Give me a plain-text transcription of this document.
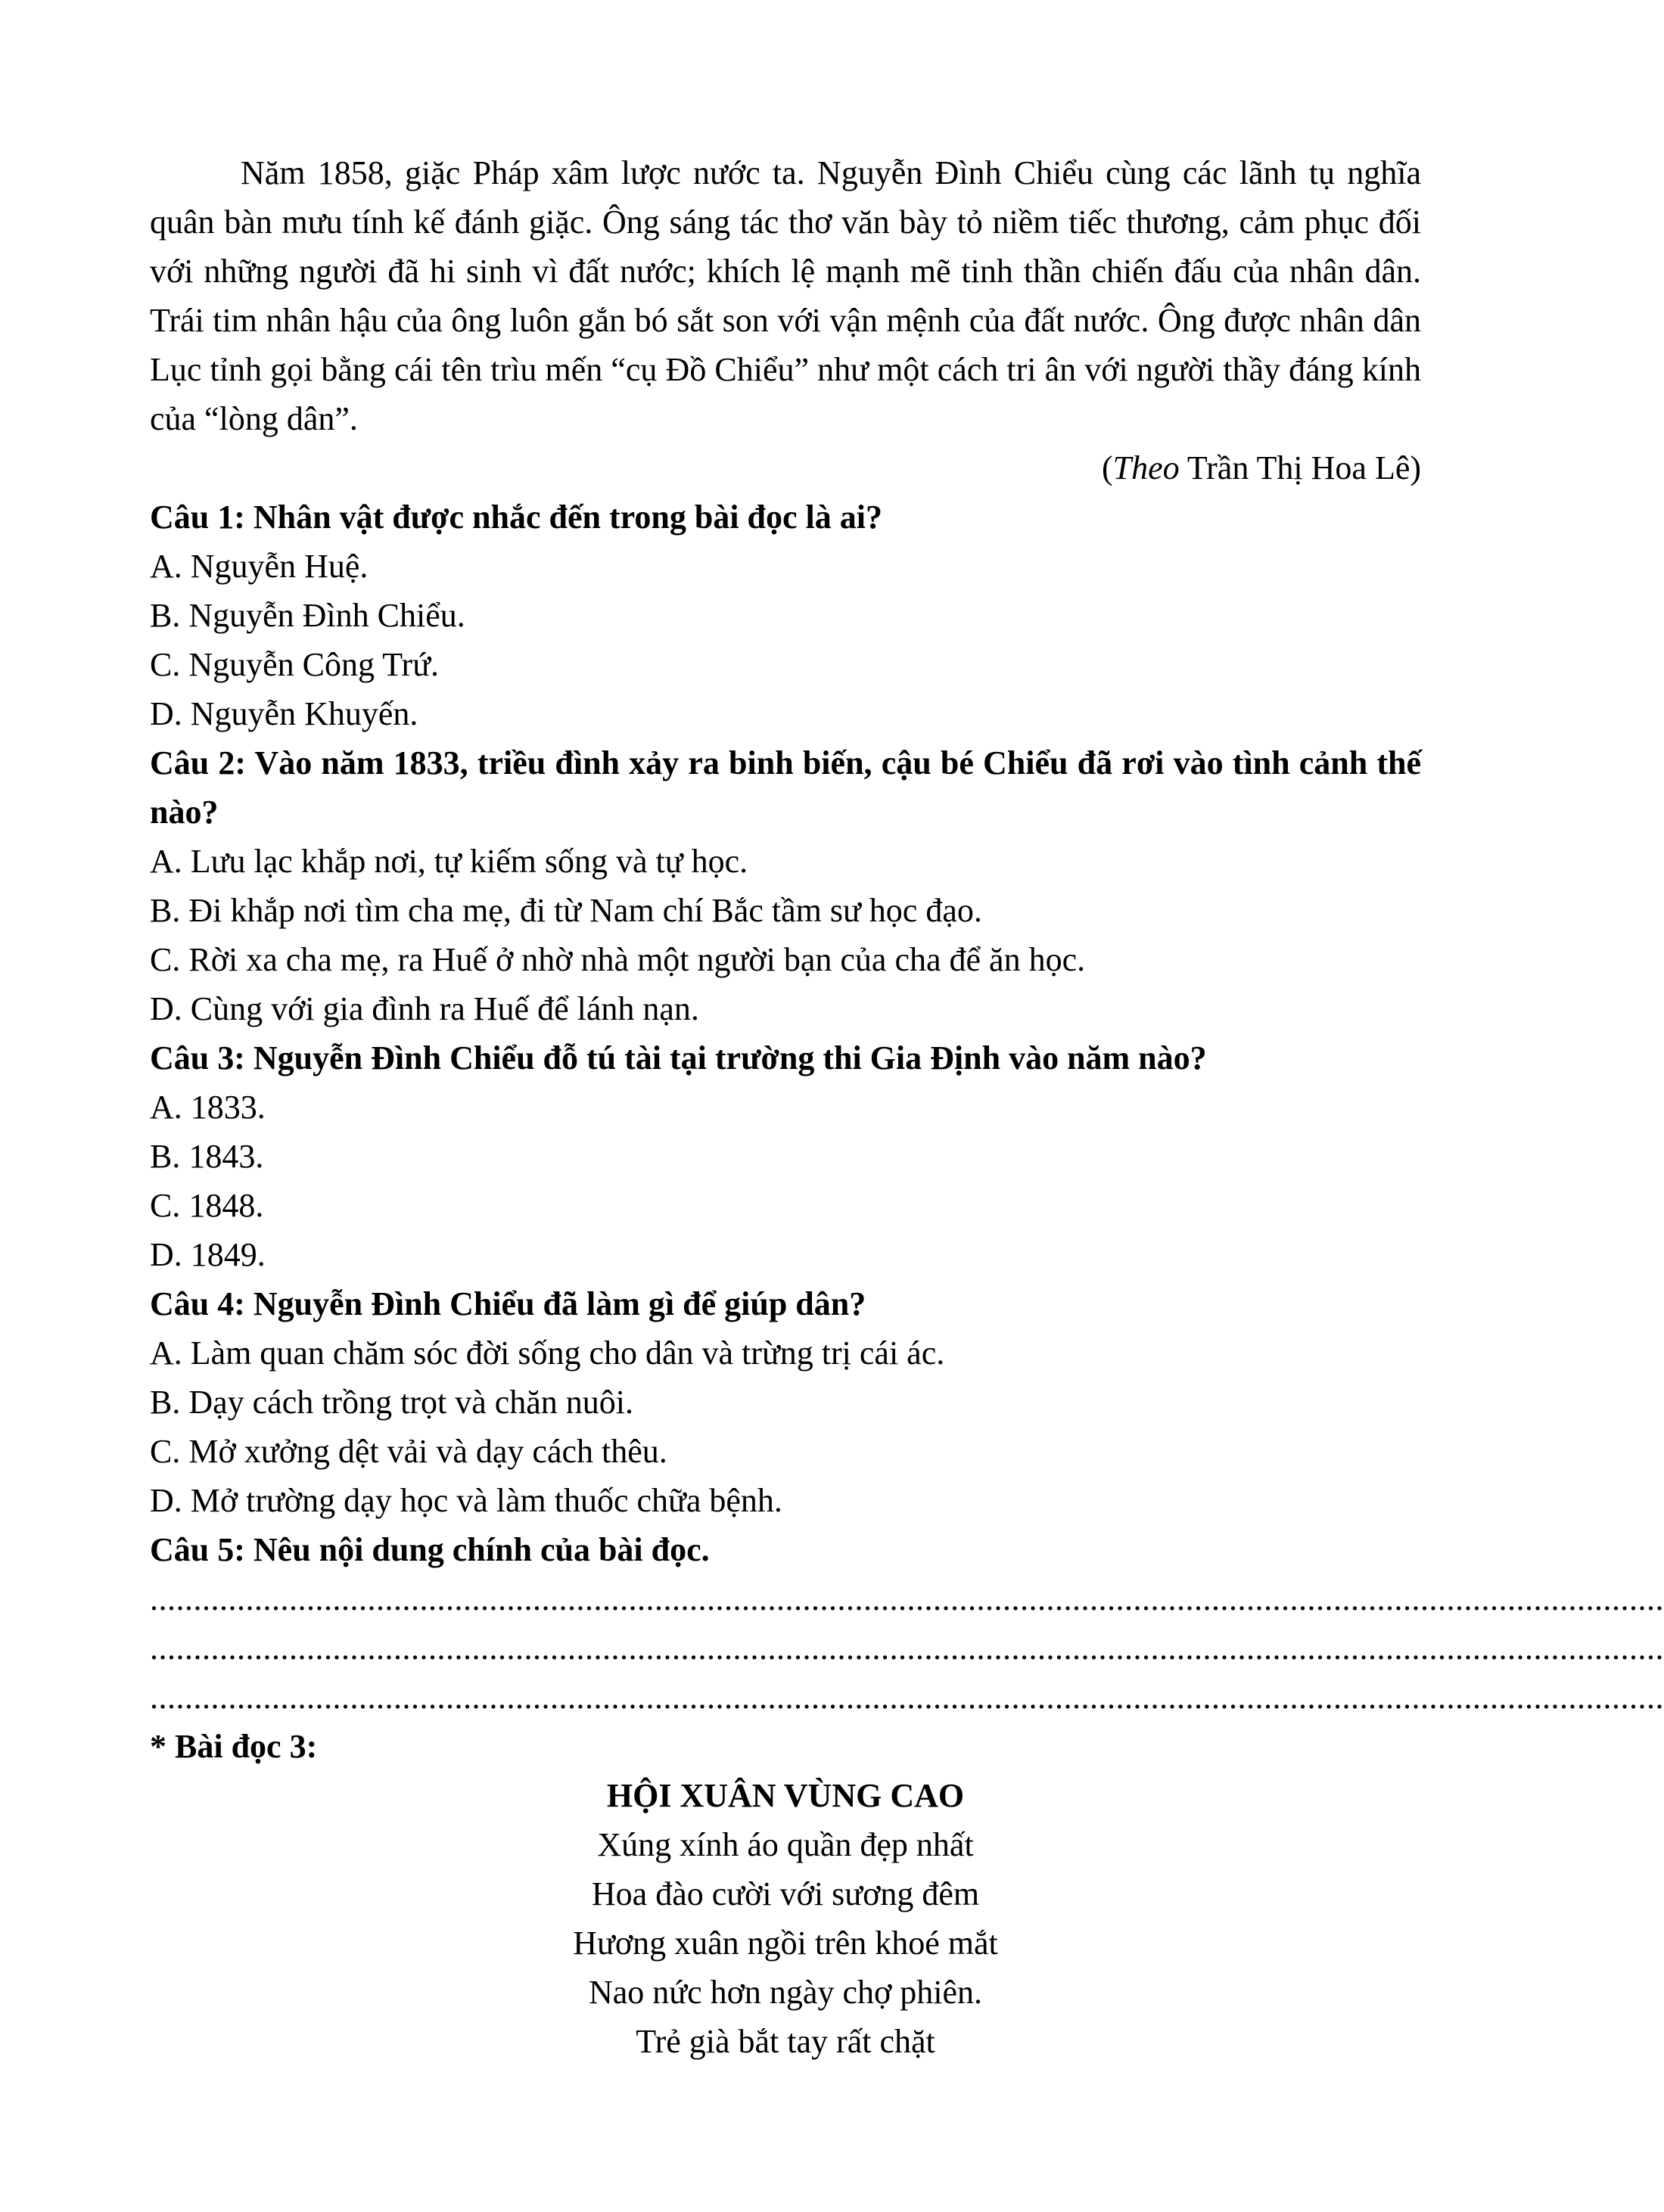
Năm 1858, giặc Pháp xâm lược nước ta. Nguyễn Đình Chiểu cùng các lãnh tụ nghĩa quân bàn mưu tính kế đánh giặc. Ông sáng tác thơ văn bày tỏ niềm tiếc thương, cảm phục đối với những người đã hi sinh vì đất nước; khích lệ mạnh mẽ tinh thần chiến đấu của nhân dân. Trái tim nhân hậu của ông luôn gắn bó sắt son với vận mệnh của đất nước. Ông được nhân dân Lục tỉnh gọi bằng cái tên trìu mến “cụ Đồ Chiểu” như một cách tri ân với người thầy đáng kính của “lòng dân”.

(Theo Trần Thị Hoa Lê)

Câu 1: Nhân vật được nhắc đến trong bài đọc là ai?

A. Nguyễn Huệ.

B. Nguyễn Đình Chiểu.

C. Nguyễn Công Trứ.

D. Nguyễn Khuyến.

Câu 2: Vào năm 1833, triều đình xảy ra binh biến, cậu bé Chiểu đã rơi vào tình cảnh thế nào?

A. Lưu lạc khắp nơi, tự kiếm sống và tự học.

B. Đi khắp nơi tìm cha mẹ, đi từ Nam chí Bắc tầm sư học đạo.

C. Rời xa cha mẹ, ra Huế ở nhờ nhà một người bạn của cha để ăn học.

D. Cùng với gia đình ra Huế để lánh nạn.

Câu 3: Nguyễn Đình Chiểu đỗ tú tài tại trường thi Gia Định vào năm nào?

A. 1833.

B. 1843.

C. 1848.

D. 1849.

Câu 4: Nguyễn Đình Chiểu đã làm gì để giúp dân?

A. Làm quan chăm sóc đời sống cho dân và trừng trị cái ác.

B. Dạy cách trồng trọt và chăn nuôi.

C. Mở xưởng dệt vải và dạy cách thêu.

D. Mở trường dạy học và làm thuốc chữa bệnh.

Câu 5: Nêu nội dung chính của bài đọc.

..............................................................................................................................................................................

..............................................................................................................................................................................

..............................................................................................................................................................................

* Bài đọc 3:

HỘI XUÂN VÙNG CAO

Xúng xính áo quần đẹp nhất

Hoa đào cười với sương đêm

Hương xuân ngồi trên khoé mắt

Nao nức hơn ngày chợ phiên.

Trẻ già bắt tay rất chặt
